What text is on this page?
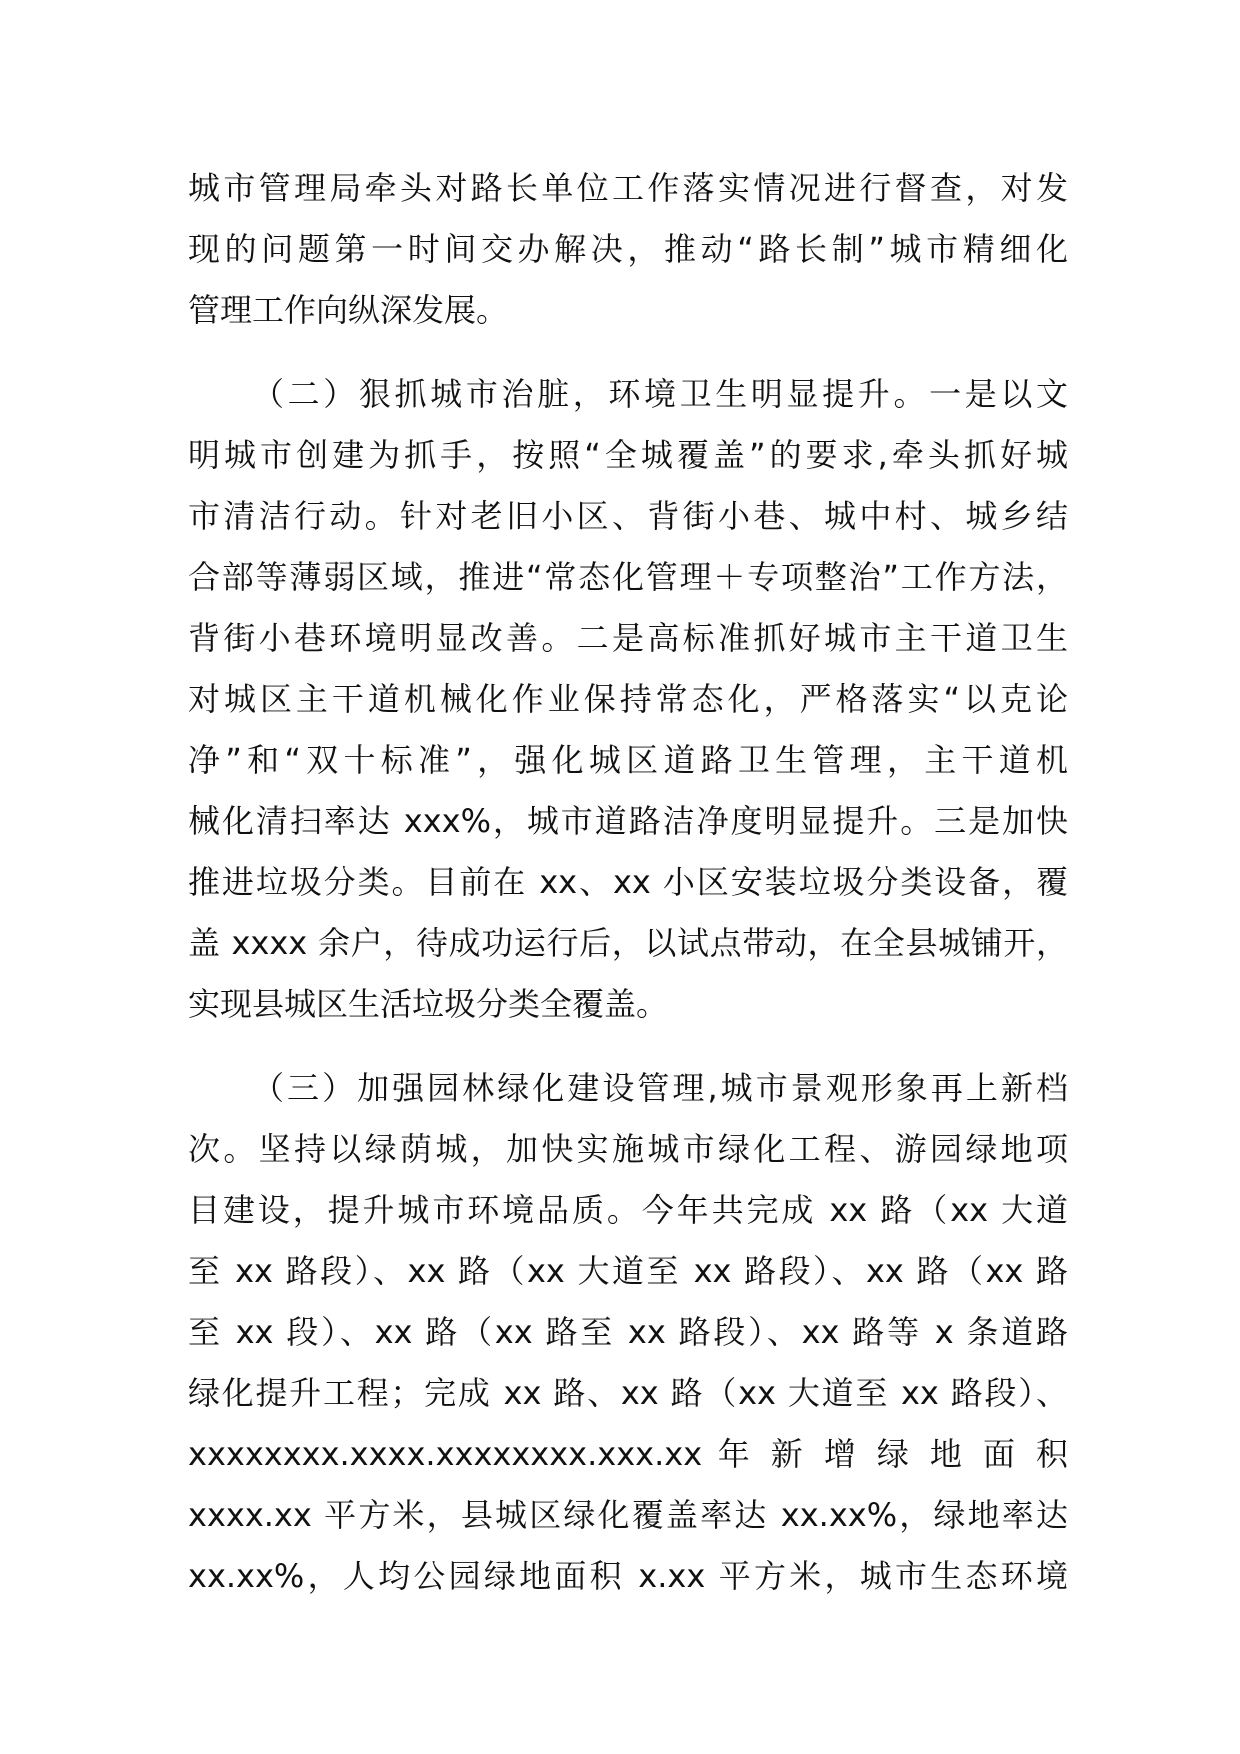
城市管理局牵头对路长单位工作落实情况进行督查，对发
现的问题第一时间交办解决，推动“路长制”城市精细化
管理工作向纵深发展。
（二）狠抓城市治脏，环境卫生明显提升。一是以文
明城市创建为抓手，按照“全城覆盖”的要求,牵头抓好城
市清洁行动。针对老旧小区、背街小巷、城中村、城乡结
合部等薄弱区域，推进“常态化管理＋专项整治”工作方法，
背街小巷环境明显改善。二是高标准抓好城市主干道卫生
对城区主干道机械化作业保持常态化，严格落实“以克论
净”和“双十标准”，强化城区道路卫生管理，主干道机
械化清扫率达 xxx%，城市道路洁净度明显提升。三是加快
推进垃圾分类。目前在 xx、xx 小区安装垃圾分类设备，覆
盖 xxxx 余户，待成功运行后，以试点带动，在全县城铺开，
实现县城区生活垃圾分类全覆盖。
（三）加强园林绿化建设管理,城市景观形象再上新档
次。坚持以绿荫城，加快实施城市绿化工程、游园绿地项
目建设，提升城市环境品质。今年共完成 xx 路（xx 大道
至 xx 路段）、xx 路（xx 大道至 xx 路段）、xx 路（xx 路
至 xx 段）、xx 路（xx 路至 xx 路段）、xx 路等 x 条道路
绿化提升工程；完成 xx 路、xx 路（xx 大道至 xx 路段）、
xxxxxxxx.xxxx.xxxxxxxx.xxx.xx 年 新 增 绿 地 面 积
xxxx.xx 平方米，县城区绿化覆盖率达 xx.xx%，绿地率达
xx.xx%，人均公园绿地面积 x.xx 平方米，城市生态环境
